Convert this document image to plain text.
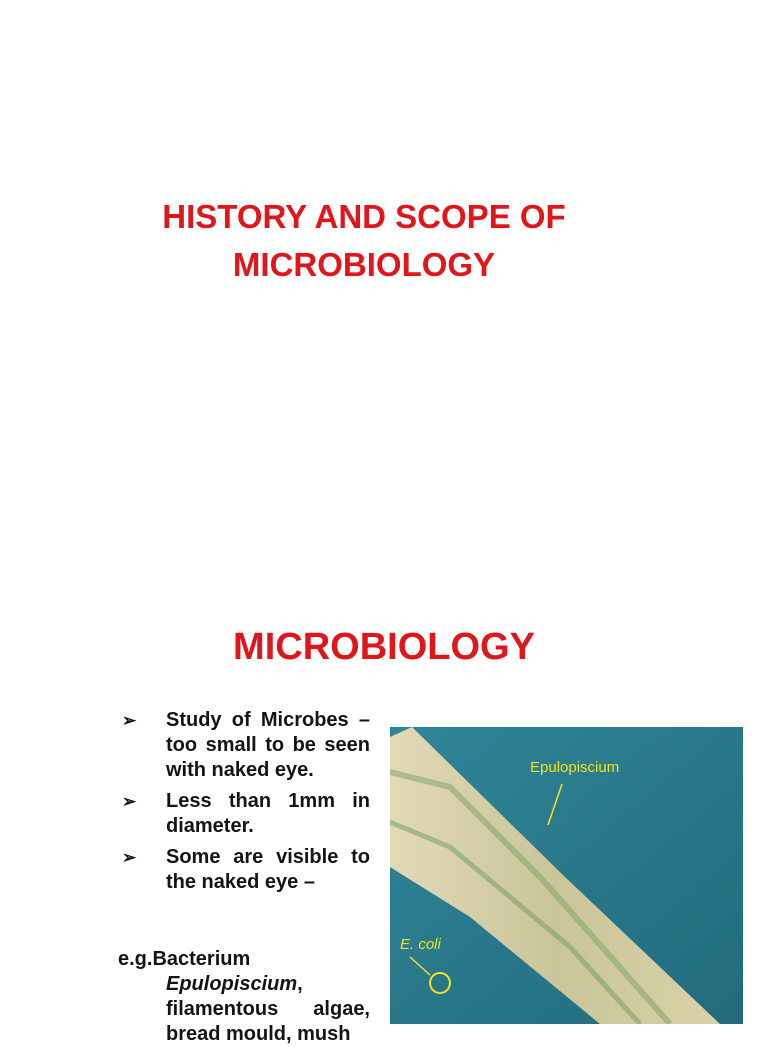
HISTORY AND SCOPE OF
MICROBIOLOGY
MICROBIOLOGY
➢ Study of Microbes – too small to be seen with naked eye.
➢ Less than 1mm in diameter.
➢ Some are visible to the naked eye –
e.g.Bacterium
Epulopiscium, filamentous algae, bread mould, mush
Epulopiscium
E. coli
